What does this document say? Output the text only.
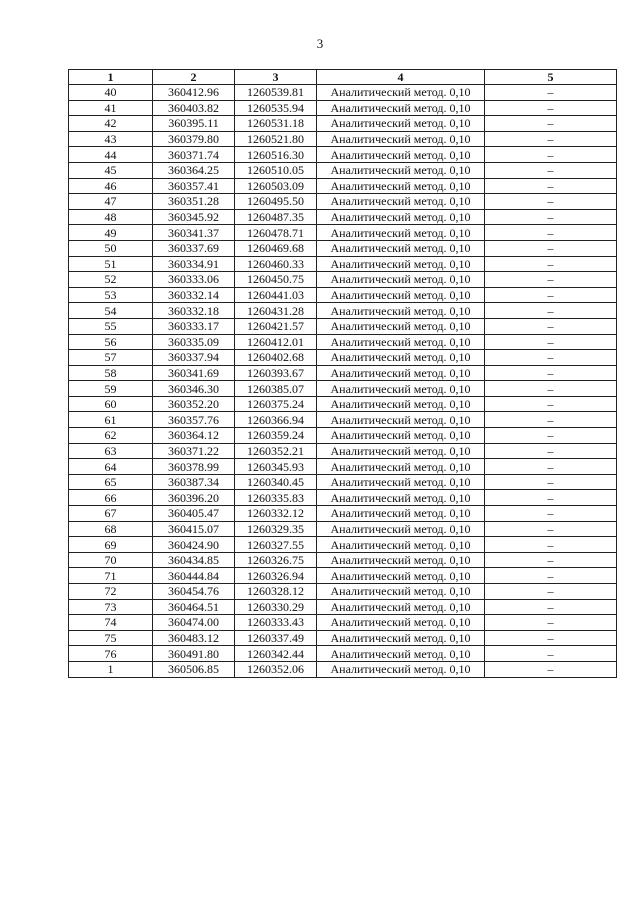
3
1	2	3	4	5
40	360412.96	1260539.81	Аналитический метод. 0,10	–
41	360403.82	1260535.94	Аналитический метод. 0,10	–
42	360395.11	1260531.18	Аналитический метод. 0,10	–
43	360379.80	1260521.80	Аналитический метод. 0,10	–
44	360371.74	1260516.30	Аналитический метод. 0,10	–
45	360364.25	1260510.05	Аналитический метод. 0,10	–
46	360357.41	1260503.09	Аналитический метод. 0,10	–
47	360351.28	1260495.50	Аналитический метод. 0,10	–
48	360345.92	1260487.35	Аналитический метод. 0,10	–
49	360341.37	1260478.71	Аналитический метод. 0,10	–
50	360337.69	1260469.68	Аналитический метод. 0,10	–
51	360334.91	1260460.33	Аналитический метод. 0,10	–
52	360333.06	1260450.75	Аналитический метод. 0,10	–
53	360332.14	1260441.03	Аналитический метод. 0,10	–
54	360332.18	1260431.28	Аналитический метод. 0,10	–
55	360333.17	1260421.57	Аналитический метод. 0,10	–
56	360335.09	1260412.01	Аналитический метод. 0,10	–
57	360337.94	1260402.68	Аналитический метод. 0,10	–
58	360341.69	1260393.67	Аналитический метод. 0,10	–
59	360346.30	1260385.07	Аналитический метод. 0,10	–
60	360352.20	1260375.24	Аналитический метод. 0,10	–
61	360357.76	1260366.94	Аналитический метод. 0,10	–
62	360364.12	1260359.24	Аналитический метод. 0,10	–
63	360371.22	1260352.21	Аналитический метод. 0,10	–
64	360378.99	1260345.93	Аналитический метод. 0,10	–
65	360387.34	1260340.45	Аналитический метод. 0,10	–
66	360396.20	1260335.83	Аналитический метод. 0,10	–
67	360405.47	1260332.12	Аналитический метод. 0,10	–
68	360415.07	1260329.35	Аналитический метод. 0,10	–
69	360424.90	1260327.55	Аналитический метод. 0,10	–
70	360434.85	1260326.75	Аналитический метод. 0,10	–
71	360444.84	1260326.94	Аналитический метод. 0,10	–
72	360454.76	1260328.12	Аналитический метод. 0,10	–
73	360464.51	1260330.29	Аналитический метод. 0,10	–
74	360474.00	1260333.43	Аналитический метод. 0,10	–
75	360483.12	1260337.49	Аналитический метод. 0,10	–
76	360491.80	1260342.44	Аналитический метод. 0,10	–
1	360506.85	1260352.06	Аналитический метод. 0,10	–
